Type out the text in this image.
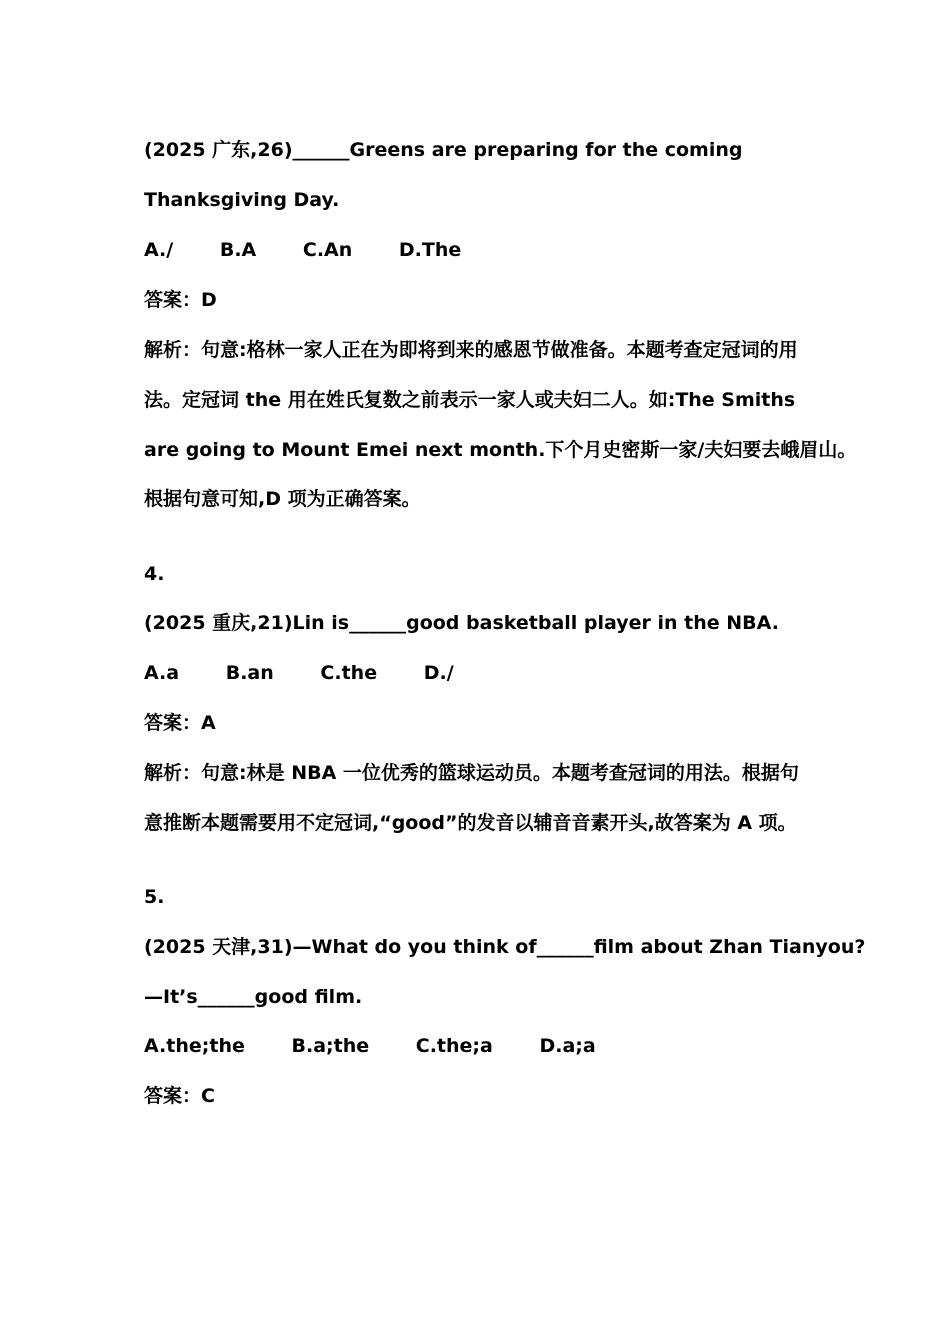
(2025 广东,26)______Greens are preparing for the coming
Thanksgiving Day.
A./ B.A C.An D.The
答案：D
解析：句意:格林一家人正在为即将到来的感恩节做准备。本题考查定冠词的用
法。定冠词 the 用在姓氏复数之前表示一家人或夫妇二人。如:The Smiths
are going to Mount Emei next month.下个月史密斯一家/夫妇要去峨眉山。
根据句意可知,D 项为正确答案。
4.
(2025 重庆,21)Lin is______good basketball player in the NBA.
A.a B.an C.the D./
答案：A
解析：句意:林是 NBA 一位优秀的篮球运动员。本题考查冠词的用法。根据句
意推断本题需要用不定冠词,“good”的发音以辅音音素开头,故答案为 A 项。
5.
(2025 天津,31)—What do you think of______film about Zhan Tianyou?
—It’s______good film.
A.the;the B.a;the C.the;a D.a;a
答案：C
